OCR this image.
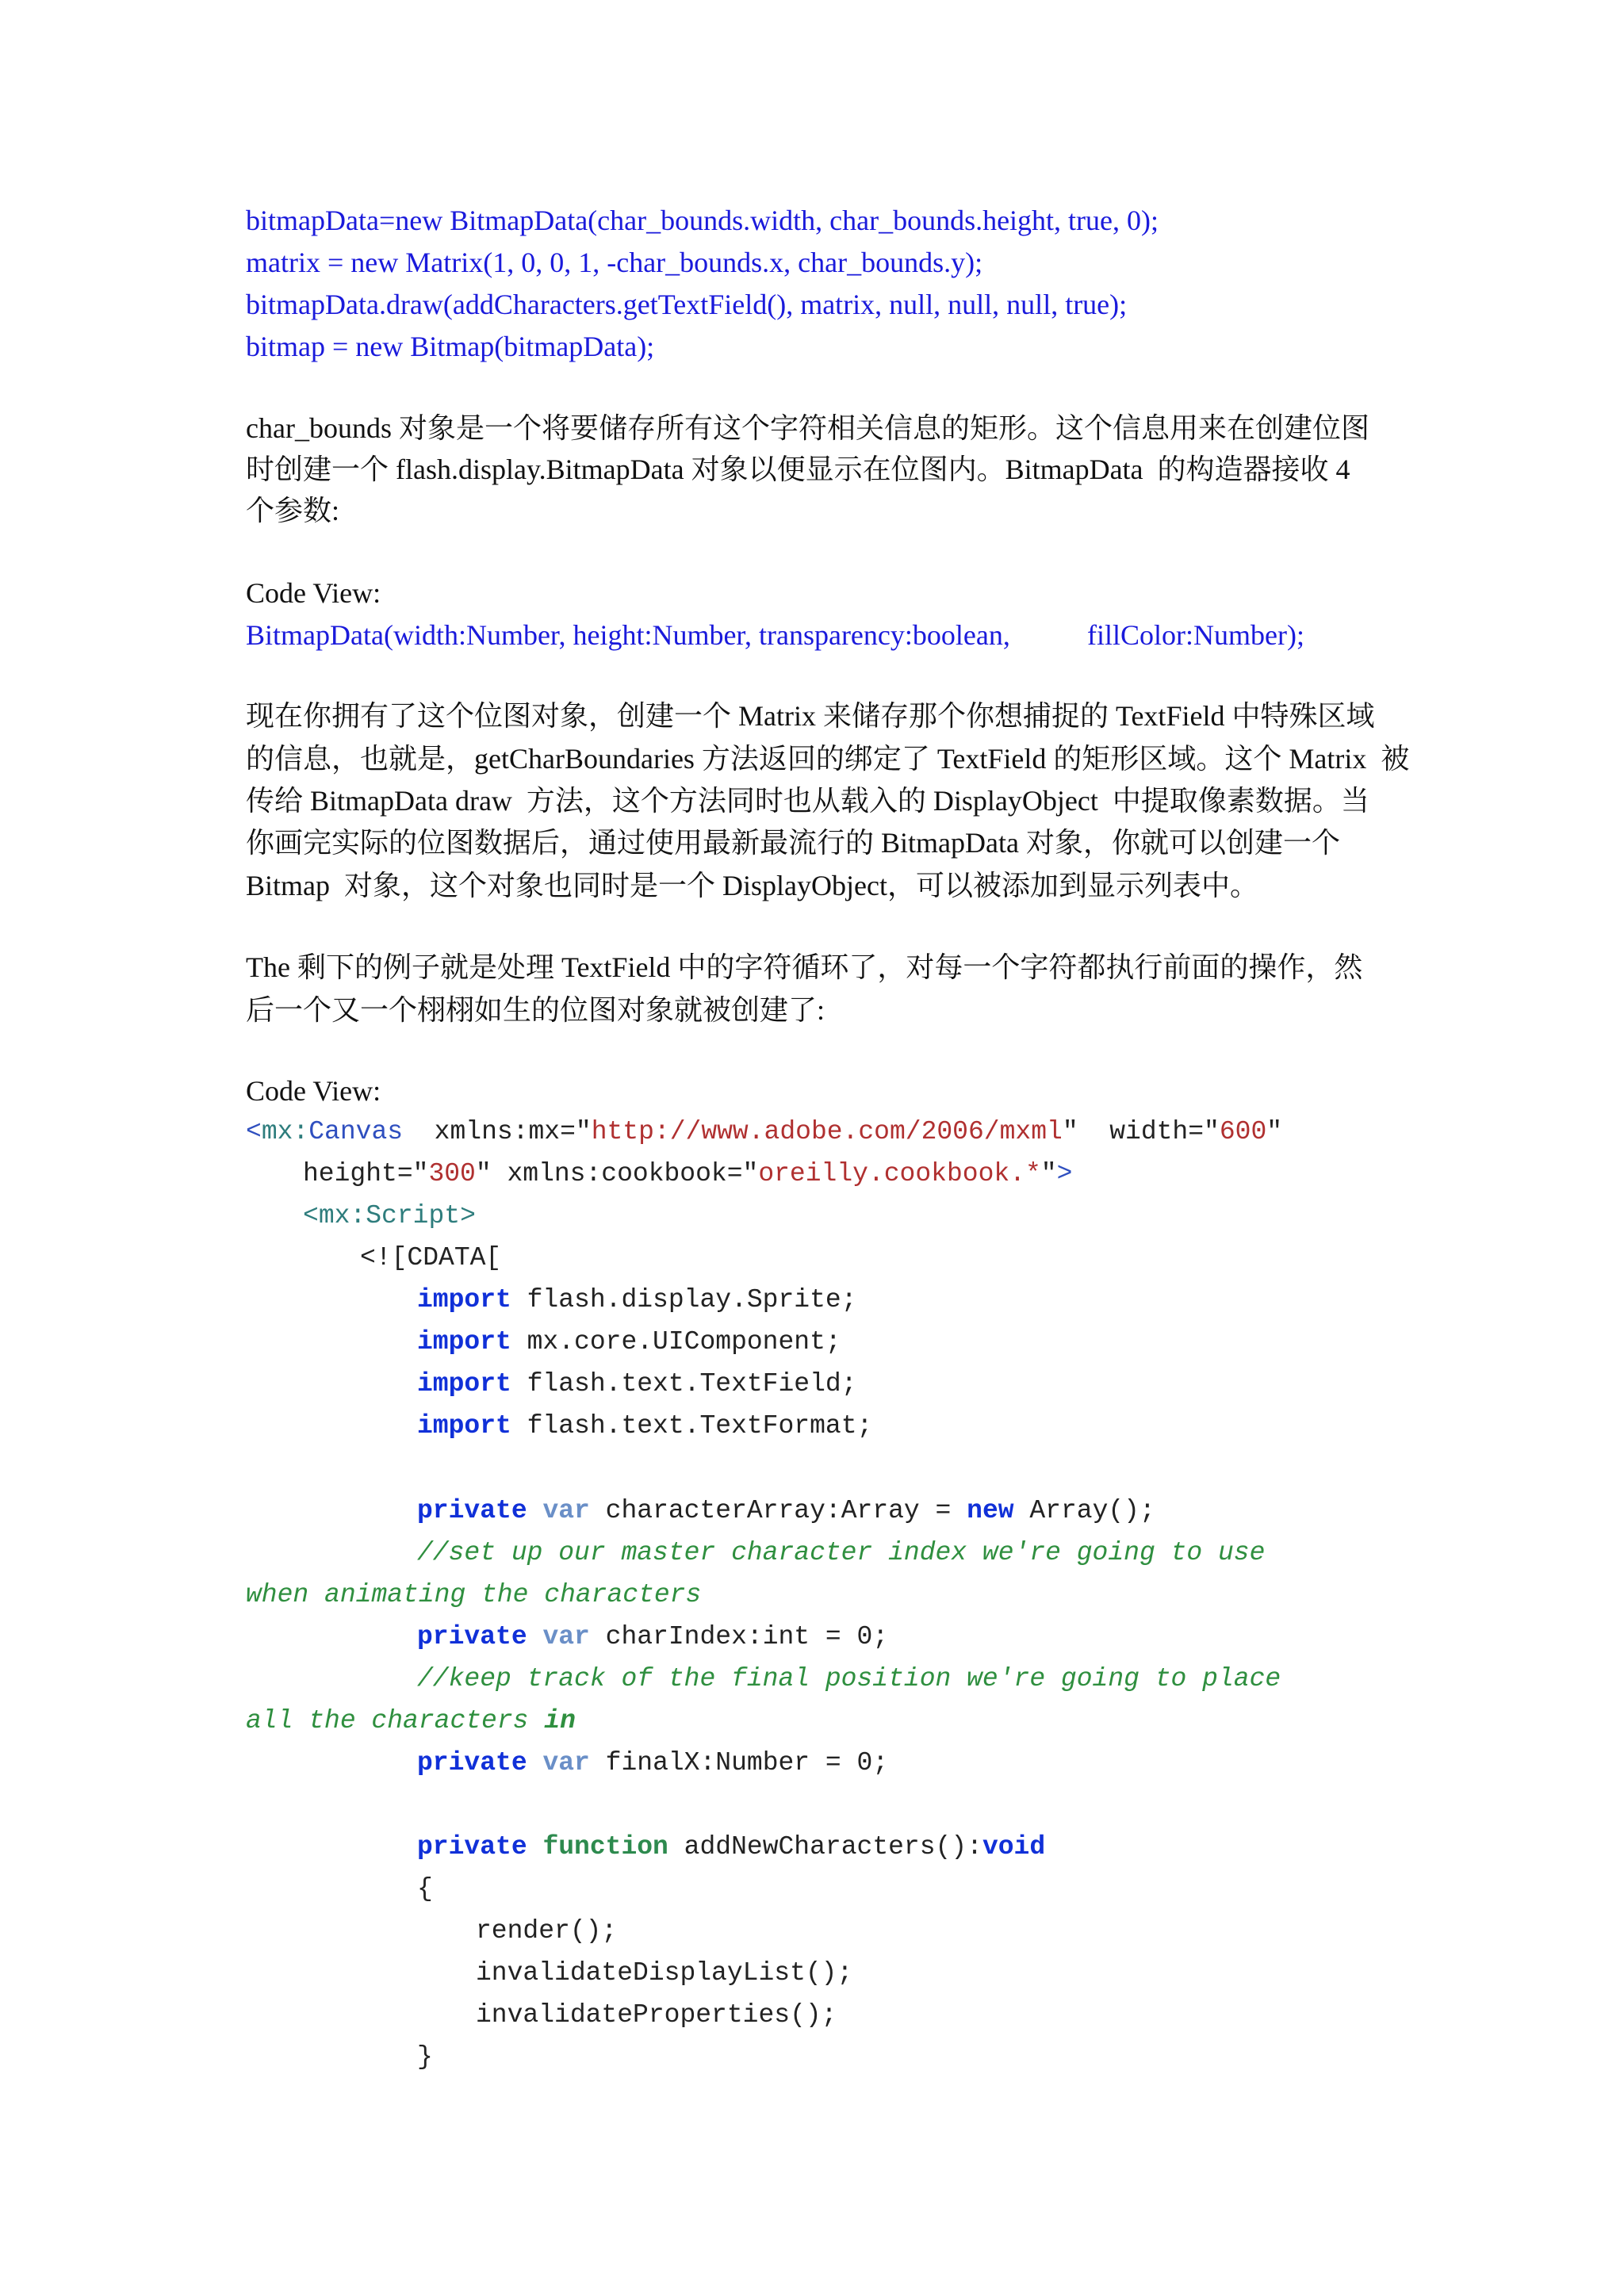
bitmapData=new BitmapData(char_bounds.width, char_bounds.height, true, 0);
matrix = new Matrix(1, 0, 0, 1, -char_bounds.x, char_bounds.y);
bitmapData.draw(addCharacters.getTextField(), matrix, null, null, null, true);
bitmap = new Bitmap(bitmapData);
char_bounds 对象是一个将要储存所有这个字符相关信息的矩形。这个信息用来在创建位图
时创建一个 flash.display.BitmapData 对象以便显示在位图内。BitmapData  的构造器接收 4
个参数:
Code View:
BitmapData(width:Number, height:Number, transparency:boolean,	fillColor:Number);
现在你拥有了这个位图对象，创建一个 Matrix 来储存那个你想捕捉的 TextField 中特殊区域
的信息，也就是，getCharBoundaries 方法返回的绑定了 TextField 的矩形区域。这个 Matrix  被
传给 BitmapData draw  方法，这个方法同时也从载入的 DisplayObject  中提取像素数据。当
你画完实际的位图数据后，通过使用最新最流行的 BitmapData 对象，你就可以创建一个
Bitmap  对象，这个对象也同时是一个 DisplayObject，可以被添加到显示列表中。
The 剩下的例子就是处理 TextField 中的字符循环了，对每一个字符都执行前面的操作，然
后一个又一个栩栩如生的位图对象就被创建了:
Code View:
<mx:Canvas  xmlns:mx="http://www.adobe.com/2006/mxml"  width="600"
height="300" xmlns:cookbook="oreilly.cookbook.*">
<mx:Script>
<![CDATA[
import flash.display.Sprite;
import mx.core.UIComponent;
import flash.text.TextField;
import flash.text.TextFormat;
private var characterArray:Array = new Array();
//set up our master character index we're going to use
when animating the characters
private var charIndex:int = 0;
//keep track of the final position we're going to place
all the characters in
private var finalX:Number = 0;
private function addNewCharacters():void
{
render();
invalidateDisplayList();
invalidateProperties();
}
